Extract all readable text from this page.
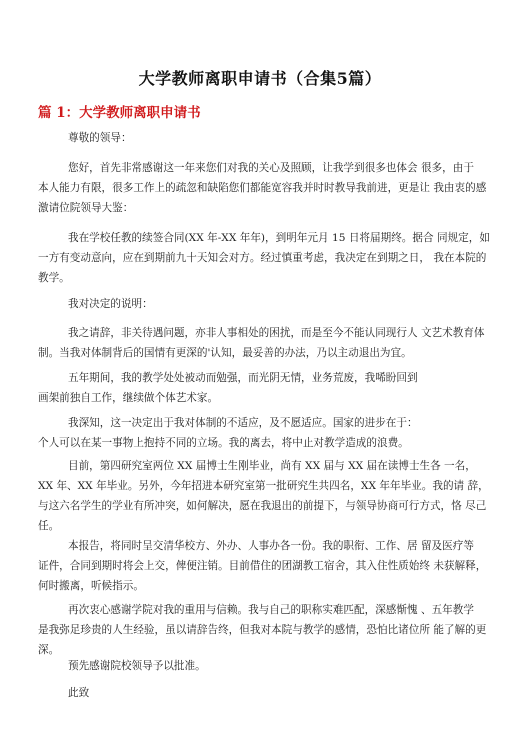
大学教师离职申请书（合集5篇）
篇 1：大学教师离职申请书
尊敬的领导：
您好，首先非常感谢这一年来您们对我的关心及照顾，让我学到很多也体会 很多，由于
本人能力有限，很多工作上的疏忽和缺陷您们都能宽容我并时时教导我前进，更是让 我由衷的感
激请位院领导大鉴：
我在学校任教的续签合同(XX 年-XX 年年)，到明年元月 15 日将届期终。据合 同规定，如
一方有变动意向，应在到期前九十天知会对方。经过慎重考虑，我决定在到期之日， 我在本院的
教学。
我对决定的说明：
我之请辞，非关待遇问题，亦非人事相处的困扰，而是至今不能认同现行人 文艺术教育体
制。当我对体制背后的国情有更深的'认知，最妥善的办法，乃以主动退出为宜。
五年期间，我的教学处处被动而勉强，而光阴无情，业务荒废，我唏盼回到
画架前独自工作，继续做个体艺术家。
我深知，这一决定出于我对体制的不适应，及不愿适应。国家的进步在于：
个人可以在某一事物上抱持不同的立场。我的离去，将中止对教学造成的浪费。
目前，第四研究室两位 XX 届博士生刚毕业，尚有 XX 届与 XX 届在读博士生各 一名，
XX 年、XX 年毕业。另外，今年招进本研究室第一批研究生共四名，XX 年年毕业。我的请 辞，
与这六名学生的学业有所冲突，如何解决，愿在我退出的前提下，与领导协商可行方式，恪 尽己
任。
本报告，将同时呈交清华校方、外办、人事办各一份。我的职衔、工作、居 留及医疗等
证件，合同到期时将会上交，俾便注销。目前借住的团湖教工宿舍，其入住性质始终 未获解释，
何时搬离，听候指示。
再次衷心感谢学院对我的重用与信赖。我与自己的职称实难匹配，深感惭愧 、五年教学
是我弥足珍贵的人生经验，虽以请辞告终，但我对本院与教学的感情，恐怕比诸位所 能了解的更
深。
预先感谢院校领导予以批准。
此致
